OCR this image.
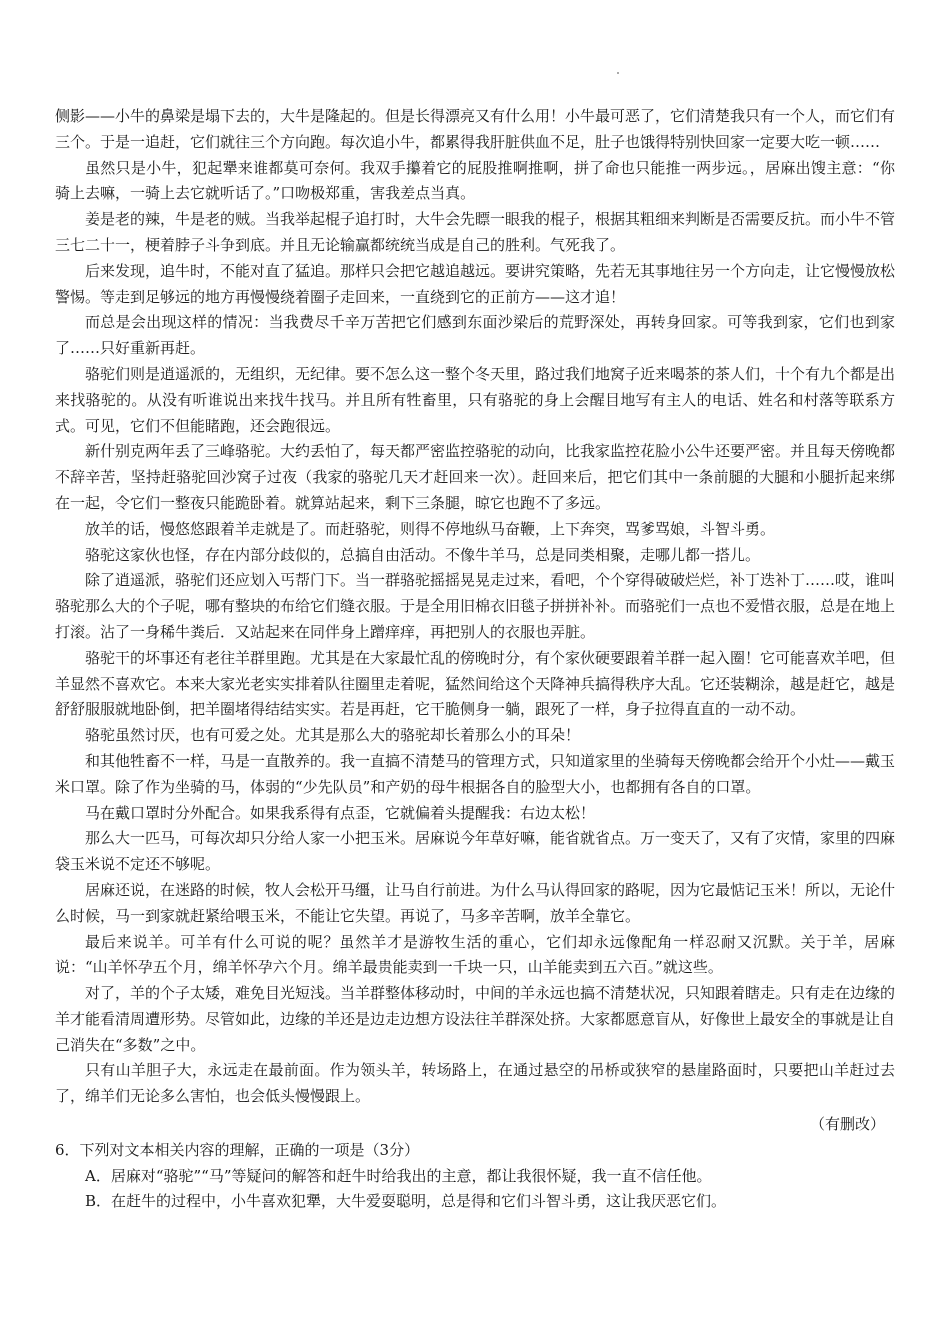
侧影——小牛的鼻梁是塌下去的，大牛是隆起的。但是长得漂亮又有什么用！小牛最可恶了，它们清楚我只有一个人，而它们有三个。于是一追赶，它们就往三个方向跑。每次追小牛，都累得我肝脏供血不足，肚子也饿得特别快回家一定要大吃一顿……

虽然只是小牛，犯起犟来谁都莫可奈何。我双手攥着它的屁股推啊推啊，拼了命也只能推一两步远。，居麻出馊主意：“你骑上去嘛，一骑上去它就听话了。”口吻极郑重，害我差点当真。

姜是老的辣，牛是老的贼。当我举起棍子追打时，大牛会先瞟一眼我的棍子，根据其粗细来判断是否需要反抗。而小牛不管三七二十一，梗着脖子斗争到底。并且无论输赢都统统当成是自己的胜利。气死我了。

后来发现，追牛时，不能对直了猛追。那样只会把它越追越远。要讲究策略，先若无其事地往另一个方向走，让它慢慢放松警惕。等走到足够远的地方再慢慢绕着圈子走回来，一直绕到它的正前方——这才追！

而总是会出现这样的情况：当我费尽千辛万苦把它们感到东面沙梁后的荒野深处，再转身回家。可等我到家，它们也到家了……只好重新再赶。

骆驼们则是逍遥派的，无组织，无纪律。要不怎么这一整个冬天里，路过我们地窝子近来喝茶的茶人们，十个有九个都是出来找骆驼的。从没有听谁说出来找牛找马。并且所有牲畜里，只有骆驼的身上会醒目地写有主人的电话、姓名和村落等联系方式。可见，它们不但能睹跑，还会跑很远。

新什别克两年丢了三峰骆驼。大约丢怕了，每天都严密监控骆驼的动向，比我家监控花脸小公牛还要严密。并且每天傍晚都不辞辛苦，坚持赶骆驼回沙窝子过夜（我家的骆驼几天才赶回来一次）。赶回来后，把它们其中一条前腿的大腿和小腿折起来绑在一起，令它们一整夜只能跪卧着。就算站起来，剩下三条腿，晾它也跑不了多远。

放羊的话，慢悠悠跟着羊走就是了。而赶骆驼，则得不停地纵马奋鞭，上下奔突，骂爹骂娘，斗智斗勇。

骆驼这家伙也怪，存在内部分歧似的，总搞自由活动。不像牛羊马，总是同类相聚，走哪儿都一搭儿。

除了逍遥派，骆驼们还应划入丐帮门下。当一群骆驼摇摇晃晃走过来，看吧，个个穿得破破烂烂，补丁迭补丁……哎，谁叫骆驼那么大的个子呢，哪有整块的布给它们缝衣服。于是全用旧棉衣旧毯子拼拼补补。而骆驼们一点也不爱惜衣服，总是在地上打滚。沾了一身稀牛粪后．又站起来在同伴身上蹭痒痒，再把别人的衣服也弄脏。

骆驼干的坏事还有老往羊群里跑。尤其是在大家最忙乱的傍晚时分，有个家伙硬要跟着羊群一起入圈！它可能喜欢羊吧，但羊显然不喜欢它。本来大家光老实实排着队往圈里走着呢，猛然间给这个天降神兵搞得秩序大乱。它还装糊涂，越是赶它，越是舒舒服服就地卧倒，把羊圈堵得结结实实。若是再赶，它干脆侧身一躺，跟死了一样，身子拉得直直的一动不动。

骆驼虽然讨厌，也有可爱之处。尤其是那么大的骆驼却长着那么小的耳朵！

和其他牲畜不一样，马是一直散养的。我一直搞不清楚马的管理方式，只知道家里的坐骑每天傍晚都会给开个小灶——戴玉米口罩。除了作为坐骑的马，体弱的“少先队员”和产奶的母牛根据各自的脸型大小，也都拥有各自的口罩。

马在戴口罩时分外配合。如果我系得有点歪，它就偏着头提醒我：右边太松！

那么大一匹马，可每次却只分给人家一小把玉米。居麻说今年草好嘛，能省就省点。万一变天了，又有了灾情，家里的四麻袋玉米说不定还不够呢。

居麻还说，在迷路的时候，牧人会松开马缰，让马自行前进。为什么马认得回家的路呢，因为它最惦记玉米！所以，无论什么时候，马一到家就赶紧给喂玉米，不能让它失望。再说了，马多辛苦啊，放羊全靠它。

最后来说羊。可羊有什么可说的呢？虽然羊才是游牧生活的重心，它们却永远像配角一样忍耐又沉默。关于羊，居麻说：“山羊怀孕五个月，绵羊怀孕六个月。绵羊最贵能卖到一千块一只，山羊能卖到五六百。”就这些。

对了，羊的个子太矮，难免目光短浅。当羊群整体移动时，中间的羊永远也搞不清楚状况，只知跟着瞎走。只有走在边缘的羊才能看清周遭形势。尽管如此，边缘的羊还是边走边想方设法往羊群深处挤。大家都愿意盲从，好像世上最安全的事就是让自己消失在“多数”之中。

只有山羊胆子大，永远走在最前面。作为领头羊，转场路上，在通过悬空的吊桥或狭窄的悬崖路面时，只要把山羊赶过去了，绵羊们无论多么害怕，也会低头慢慢跟上。

（有删改）

6．下列对文本相关内容的理解，正确的一项是（3分）

A．居麻对“骆驼”“马”等疑问的解答和赶牛时给我出的主意，都让我很怀疑，我一直不信任他。

B．在赶牛的过程中，小牛喜欢犯犟，大牛爱耍聪明，总是得和它们斗智斗勇，这让我厌恶它们。
